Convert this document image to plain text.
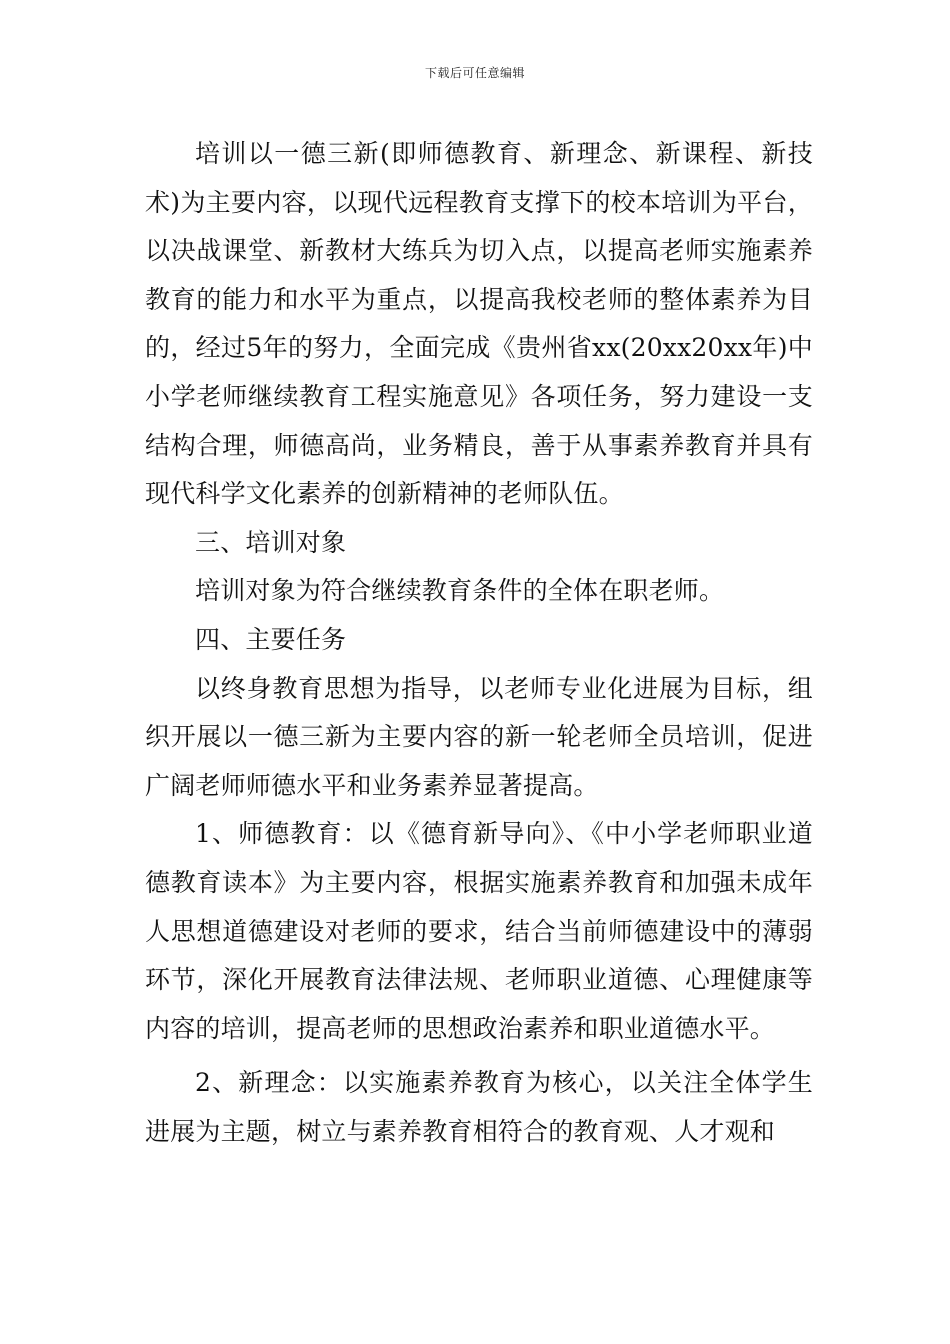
下载后可任意编辑

培训以一德三新(即师德教育、新理念、新课程、新技术)为主要内容，以现代远程教育支撑下的校本培训为平台，以决战课堂、新教材大练兵为切入点，以提高老师实施素养教育的能力和水平为重点，以提高我校老师的整体素养为目的，经过5年的努力，全面完成《贵州省xx(20xx20xx年)中小学老师继续教育工程实施意见》各项任务，努力建设一支结构合理，师德高尚，业务精良，善于从事素养教育并具有现代科学文化素养的创新精神的老师队伍。

三、培训对象

培训对象为符合继续教育条件的全体在职老师。

四、主要任务

以终身教育思想为指导，以老师专业化进展为目标，组织开展以一德三新为主要内容的新一轮老师全员培训，促进广阔老师师德水平和业务素养显著提高。

1、师德教育：以《德育新导向》、《中小学老师职业道德教育读本》为主要内容，根据实施素养教育和加强未成年人思想道德建设对老师的要求，结合当前师德建设中的薄弱环节，深化开展教育法律法规、老师职业道德、心理健康等内容的培训，提高老师的思想政治素养和职业道德水平。

2、新理念：以实施素养教育为核心，以关注全体学生进展为主题，树立与素养教育相符合的教育观、人才观和
